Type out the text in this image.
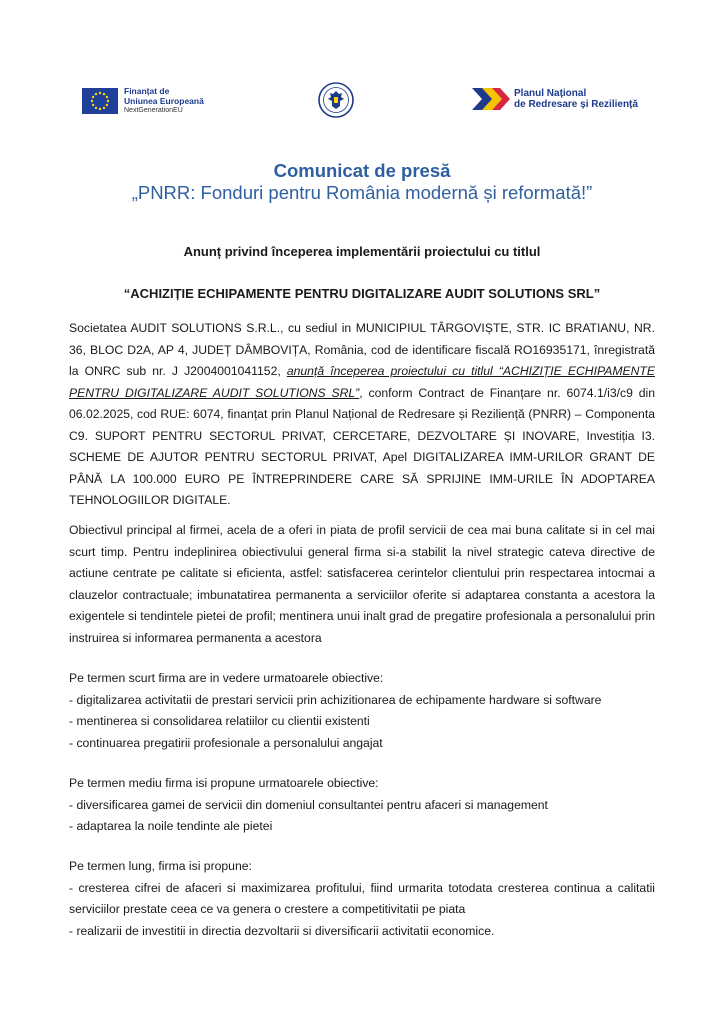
Finanțat de
Uniunea Europeană
NextGenerationEU
Planul Național
de Redresare și Reziliență
Comunicat de presă
„PNRR: Fonduri pentru România modernă și reformată!”
Anunț privind începerea implementării proiectului cu titlul
“ACHIZIȚIE ECHIPAMENTE PENTRU DIGITALIZARE AUDIT SOLUTIONS SRL”
Societatea AUDIT SOLUTIONS S.R.L., cu sediul in MUNICIPIUL TÂRGOVIȘTE, STR. IC BRATIANU, NR. 36, BLOC D2A, AP 4, JUDEȚ DÂMBOVIȚA, România, cod de identificare fiscală RO16935171, înregistrată la ONRC sub nr. J J2004001041152, anunță începerea proiectului cu titlul “ACHIZIȚIE ECHIPAMENTE PENTRU DIGITALIZARE AUDIT SOLUTIONS SRL”, conform Contract de Finanțare nr. 6074.1/i3/c9 din 06.02.2025, cod RUE: 6074, finanțat prin Planul Național de Redresare și Reziliență (PNRR) – Componenta C9. SUPORT PENTRU SECTORUL PRIVAT, CERCETARE, DEZVOLTARE ȘI INOVARE, Investiția I3. SCHEME DE AJUTOR PENTRU SECTORUL PRIVAT, Apel DIGITALIZAREA IMM-URILOR GRANT DE PÂNĂ LA 100.000 EURO PE ÎNTREPRINDERE CARE SĂ SPRIJINE IMM-URILE ÎN ADOPTAREA TEHNOLOGIILOR DIGITALE.
Obiectivul principal al firmei, acela de a oferi in piata de profil servicii de cea mai buna calitate si in cel mai scurt timp. Pentru indeplinirea obiectivului general firma si-a stabilit la nivel strategic cateva directive de actiune centrate pe calitate si eficienta, astfel: satisfacerea cerintelor clientului prin respectarea intocmai a clauzelor contractuale; imbunatatirea permanenta a serviciilor oferite si adaptarea constanta a acestora la exigentele si tendintele pietei de profil; mentinera unui inalt grad de pregatire profesionala a personalului prin instruirea si informarea permanenta a acestora
Pe termen scurt firma are in vedere urmatoarele obiective:
- digitalizarea activitatii de prestari servicii prin achizitionarea de echipamente hardware si software
- mentinerea si consolidarea relatiilor cu clientii existenti
- continuarea pregatirii profesionale a personalului angajat
Pe termen mediu firma isi propune urmatoarele obiective:
- diversificarea gamei de servicii din domeniul consultantei pentru afaceri si management
- adaptarea la noile tendinte ale pietei
Pe termen lung, firma isi propune:
- cresterea cifrei de afaceri si maximizarea profitului, fiind urmarita totodata cresterea continua a calitatii serviciilor prestate ceea ce va genera o crestere a competitivitatii pe piata
- realizarii de investitii in directia dezvoltarii si diversificarii activitatii economice.
